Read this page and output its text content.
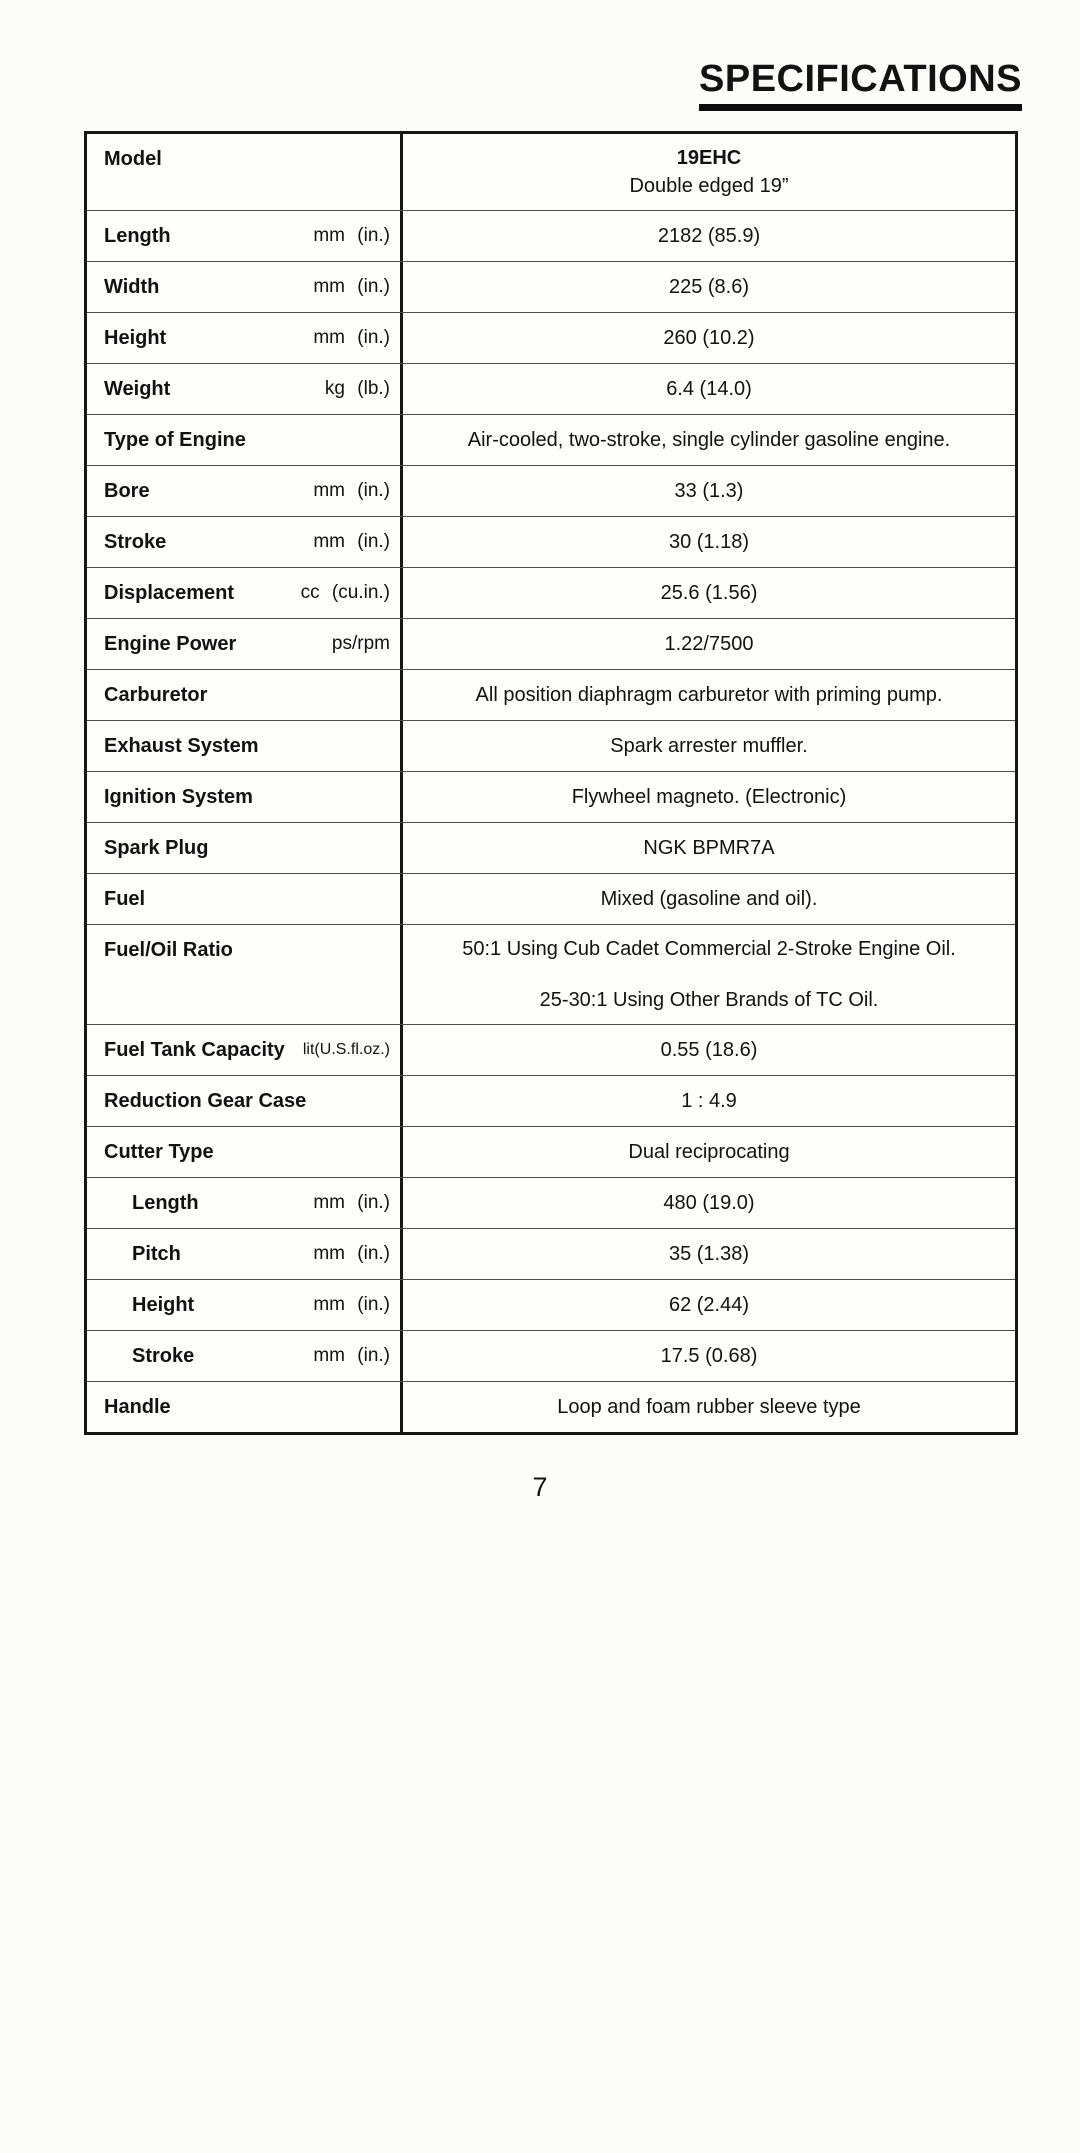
SPECIFICATIONS
Model	19EHC
Double edged 19”
Length	mm (in.)	2182 (85.9)
Width	mm (in.)	225 (8.6)
Height	mm (in.)	260 (10.2)
Weight	kg (lb.)	6.4 (14.0)
Type of Engine	Air-cooled, two-stroke, single cylinder gasoline engine.
Bore	mm (in.)	33 (1.3)
Stroke	mm (in.)	30 (1.18)
Displacement	cc (cu.in.)	25.6 (1.56)
Engine Power	ps/rpm	1.22/7500
Carburetor	All position diaphragm carburetor with priming pump.
Exhaust System	Spark arrester muffler.
Ignition System	Flywheel magneto. (Electronic)
Spark Plug	NGK BPMR7A
Fuel	Mixed (gasoline and oil).
Fuel/Oil Ratio	50:1 Using Cub Cadet Commercial 2-Stroke Engine Oil.
25-30:1 Using Other Brands of TC Oil.
Fuel Tank Capacity lit(U.S.fl.oz.)	0.55 (18.6)
Reduction Gear Case	1 : 4.9
Cutter Type	Dual reciprocating
Length	mm (in.)	480 (19.0)
Pitch	mm (in.)	35 (1.38)
Height	mm (in.)	62 (2.44)
Stroke	mm (in.)	17.5 (0.68)
Handle	Loop and foam rubber sleeve type
7
